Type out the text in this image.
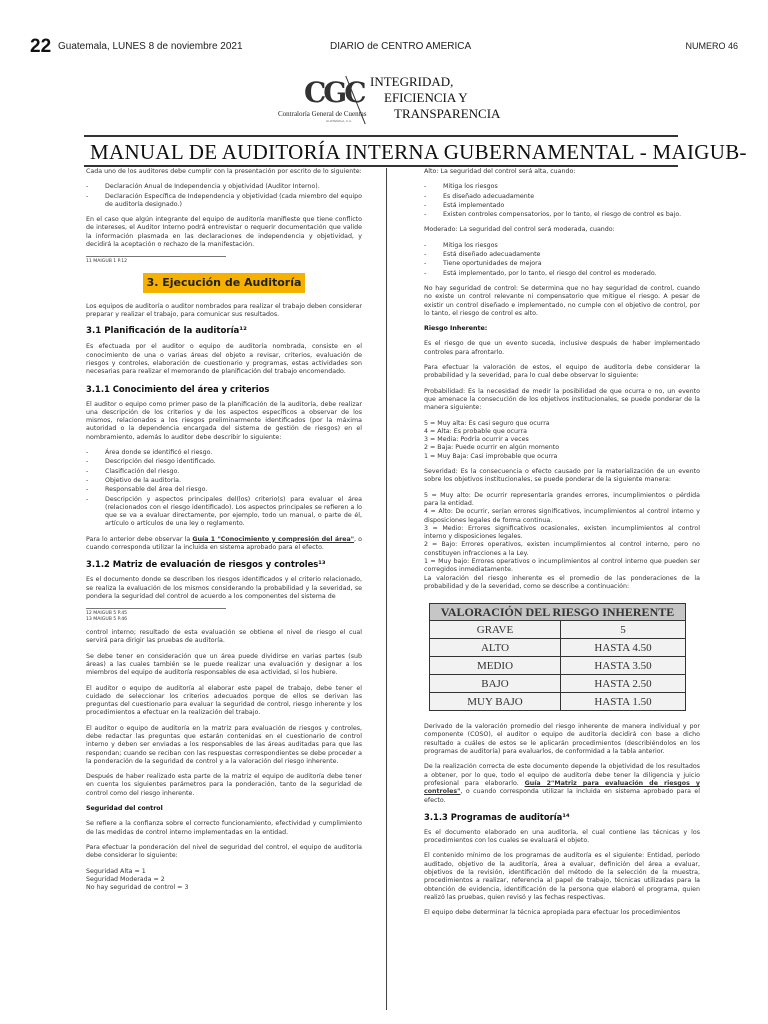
22 Guatemala, LUNES 8 de noviembre 2021	DIARIO de CENTRO AMERICA	NUMERO 46
CGC
Contraloría General de Cuentas
GUATEMALA, C.A.
INTEGRIDAD,
EFICIENCIA Y
TRANSPARENCIA
MANUAL DE AUDITORÍA INTERNA GUBERNAMENTAL - MAIGUB-

Cada uno de los auditores debe cumplir con la presentación por escrito de lo siguiente:

- Declaración Anual de Independencia y objetividad (Auditor Interno).
- Declaración Específica de Independencia y objetividad (cada miembro del equipo de auditoría designado.)

En el caso que algún integrante del equipo de auditoría manifieste que tiene conflicto de intereses, el Auditor Interno podrá entrevistar o requerir documentación que valide la información plasmada en las declaraciones de independencia y objetividad, y decidirá la aceptación o rechazo de la manifestación.

11 MAIGUB 1 P.12

3. Ejecución de Auditoría

Los equipos de auditoría o auditor nombrados para realizar el trabajo deben considerar preparar y realizar el trabajo, para comunicar sus resultados.

3.1 Planificación de la auditoría¹²

Es efectuada por el auditor o equipo de auditoría nombrada, consiste en el conocimiento de una o varias áreas del objeto a revisar, criterios, evaluación de riesgos y controles, elaboración de cuestionario y programas, estas actividades son necesarias para realizar el memorando de planificación del trabajo encomendado.

3.1.1 Conocimiento del área y criterios

El auditor o equipo como primer paso de la planificación de la auditoría, debe realizar una descripción de los criterios y de los aspectos específicos a observar de los mismos, relacionados a los riesgos preliminarmente identificados (por la máxima autoridad o la dependencia encargada del sistema de gestión de riesgos) en el nombramiento, además lo auditor debe describir lo siguiente:

- Área donde se identificó el riesgo.
- Descripción del riesgo identificado.
- Clasificación del riesgo.
- Objetivo de la auditoría.
- Responsable del área del riesgo.
- Descripción y aspectos principales del(los) criterio(s) para evaluar el área (relacionados con el riesgo identificado). Los aspectos principales se refieren a lo que se va a evaluar directamente, por ejemplo, todo un manual, o parte de él, artículo o artículos de una ley o reglamento.

Para lo anterior debe observar la Guía 1 "Conocimiento y compresión del área", o cuando corresponda utilizar la incluida en sistema aprobado para el efecto.

3.1.2 Matriz de evaluación de riesgos y controles¹³

Es el documento donde se describen los riesgos identificados y el criterio relacionado, se realiza la evaluación de los mismos considerando la probabilidad y la severidad, se pondera la seguridad del control de acuerdo a los componentes del sistema de

12 MAIGUB 5 P.45
13 MAIGUB 5 P.46

control interno; resultado de esta evaluación se obtiene el nivel de riesgo el cual servirá para dirigir las pruebas de auditoría.

Se debe tener en consideración que un área puede dividirse en varias partes (sub áreas) a las cuales también se le puede realizar una evaluación y designar a los miembros del equipo de auditoría responsables de esa actividad, si los hubiere.

El auditor o equipo de auditoría al elaborar este papel de trabajo, debe tener el cuidado de seleccionar los criterios adecuados porque de ellos se derivan las preguntas del cuestionario para evaluar la seguridad de control, riesgo inherente y los procedimientos a efectuar en la realización del trabajo.

El auditor o equipo de auditoría en la matriz para evaluación de riesgos y controles, debe redactar las preguntas que estarán contenidas en el cuestionario de control interno y deben ser enviadas a los responsables de las áreas auditadas para que las respondan; cuando se reciban con las respuestas correspondientes se debe proceder a la ponderación de la seguridad de control y a la valoración del riesgo inherente.

Después de haber realizado esta parte de la matriz el equipo de auditoría debe tener en cuenta los siguientes parámetros para la ponderación, tanto de la seguridad de control como del riesgo inherente.

Seguridad del control

Se refiere a la confianza sobre el correcto funcionamiento, efectividad y cumplimiento de las medidas de control interno implementadas en la entidad.

Para efectuar la ponderación del nivel de seguridad del control, el equipo de auditoría debe considerar lo siguiente:

Seguridad Alta = 1
Seguridad Moderada = 2
No hay seguridad de control = 3

Alto: La seguridad del control será alta, cuando:

- Mitiga los riesgos
- Es diseñado adecuadamente
- Está implementado
- Existen controles compensatorios, por lo tanto, el riesgo de control es bajo.

Moderado: La seguridad del control será moderada, cuando:

- Mitiga los riesgos
- Está diseñado adecuadamente
- Tiene oportunidades de mejora
- Está implementado, por lo tanto, el riesgo del control es moderado.

No hay seguridad de control: Se determina que no hay seguridad de control, cuando no existe un control relevante ni compensatorio que mitigue el riesgo. A pesar de existir un control diseñado e implementado, no cumple con el objetivo de control, por lo tanto, el riesgo de control es alto.

Riesgo Inherente:

Es el riesgo de que un evento suceda, inclusive después de haber implementado controles para afrontarlo.

Para efectuar la valoración de estos, el equipo de auditoría debe considerar la probabilidad y la severidad, para lo cual debe observar lo siguiente:

Probabilidad: Es la necesidad de medir la posibilidad de que ocurra o no, un evento que amenace la consecución de los objetivos institucionales, se puede ponderar de la manera siguiente:

5 = Muy alta: Es casi seguro que ocurra
4 = Alta: Es probable que ocurra
3 = Media: Podría ocurrir a veces
2 = Baja: Puede ocurrir en algún momento
1 = Muy Baja: Casi improbable que ocurra

Severidad: Es la consecuencia o efecto causado por la materialización de un evento sobre los objetivos institucionales, se puede ponderar de la siguiente manera:

5 = Muy alto: De ocurrir representaría grandes errores, incumplimientos o pérdida para la entidad.
4 = Alto: De ocurrir, serían errores significativos, incumplimientos al control interno y disposiciones legales de forma continua.
3 = Medio: Errores significativos ocasionales, existen incumplimientos al control interno y disposiciones legales.
2 = Bajo: Errores operativos, existen incumplimientos al control interno, pero no constituyen infracciones a la Ley.
1 = Muy bajo: Errores operativos o incumplimientos al control interno que pueden ser corregidos inmediatamente.
La valoración del riesgo inherente es el promedio de las ponderaciones de la probabilidad y de la severidad, como se describe a continuación:

VALORACIÓN DEL RIESGO INHERENTE	
GRAVE	5
ALTO	HASTA 4.50
MEDIO	HASTA 3.50
BAJO	HASTA 2.50
MUY BAJO	HASTA 1.50

Derivado de la valoración promedio del riesgo inherente de manera individual y por componente (COSO), el auditor o equipo de auditoría decidirá con base a dicho resultado a cuáles de estos se le aplicarán procedimientos (describiéndolos en los programas de auditoría) para evaluarlos, de conformidad a la tabla anterior.

De la realización correcta de este documento depende la objetividad de los resultados a obtener, por lo que, todo el equipo de auditoría debe tener la diligencia y juicio profesional para elaborarlo. Guía 2"Matriz para evaluación de riesgos y controles", o cuando corresponda utilizar la incluida en sistema aprobado para el efecto.

3.1.3 Programas de auditoría¹⁴

Es el documento elaborado en una auditoría, el cual contiene las técnicas y los procedimientos con los cuales se evaluará el objeto.

El contenido mínimo de los programas de auditoría es el siguiente: Entidad, período auditado, objetivo de la auditoría, área a evaluar, definición del área a evaluar, objetivos de la revisión, identificación del método de la selección de la muestra, procedimientos a realizar, referencia al papel de trabajo, técnicas utilizadas para la obtención de evidencia, identificación de la persona que elaboró el programa, quien realizó las pruebas, quien revisó y las fechas respectivas.

El equipo debe determinar la técnica apropiada para efectuar los procedimientos
